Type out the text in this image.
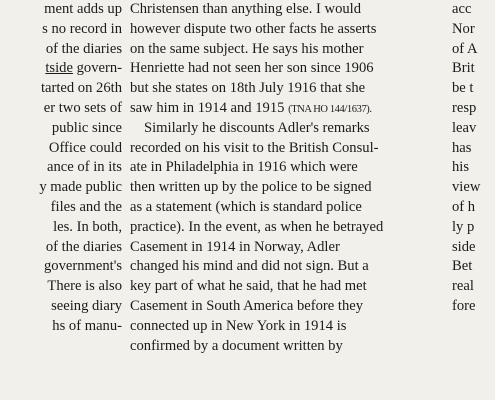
ment adds up
s no record in
of the diaries
tside govern-
tarted on 26th
er two sets of
public since
Office could
ance of in its
y made public
files and the
les. In both,
of the diaries
government's
There is also
seeing diary
hs of manu-
Christensen than anything else. I would
however dispute two other facts he asserts
on the same subject. He says his mother
Henriette had not seen her son since 1906
but she states on 18th July 1916 that she
saw him in 1914 and 1915 (TNA HO 144/1637).
Similarly he discounts Adler's remarks
recorded on his visit to the British Consul-
ate in Philadelphia in 1916 which were
then written up by the police to be signed
as a statement (which is standard police
practice). In the event, as when he betrayed
Casement in 1914 in Norway, Adler
changed his mind and did not sign. But a
key part of what he said, that he had met
Casement in South America before they
connected up in New York in 1914 is
confirmed by a document written by
acc
Nor
of A
Brit
be t
resp
leav
has
his
view
of h
ly p
side
Bet
real
fore
